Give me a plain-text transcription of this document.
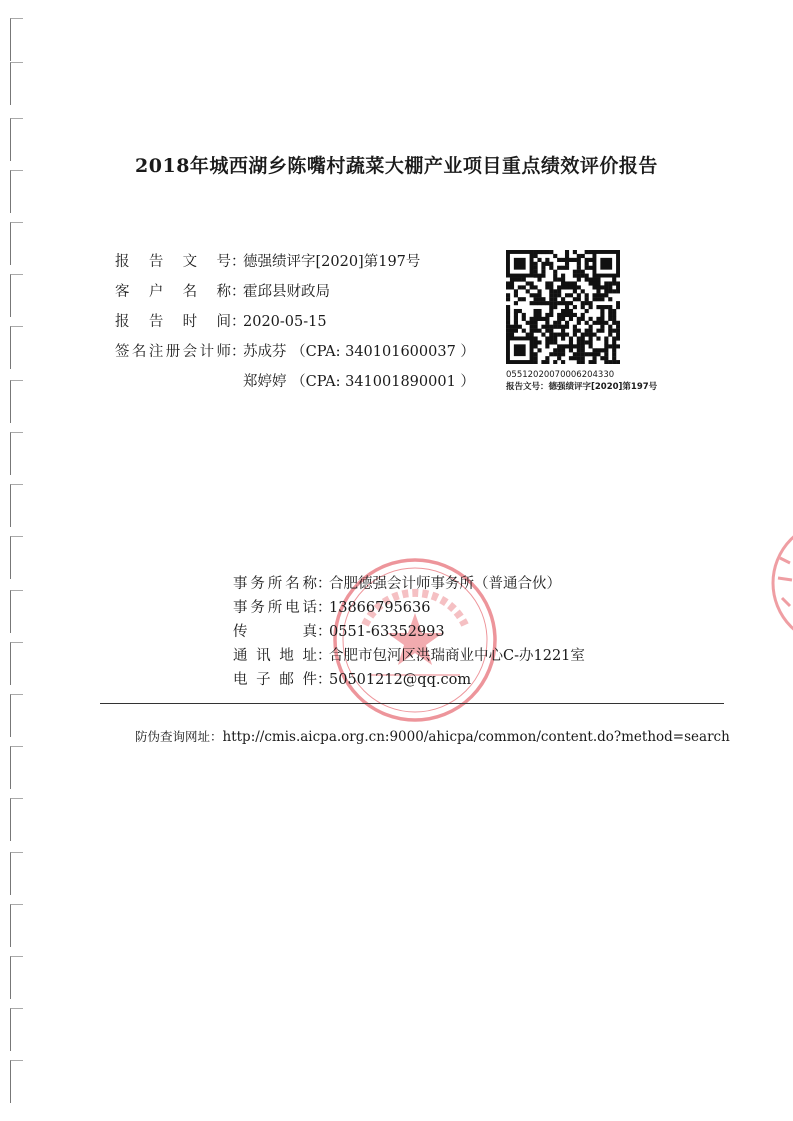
2018年城西湖乡陈嘴村蔬菜大棚产业项目重点绩效评价报告
报告文号 ：
德强绩评字[2020]第197号
客户名称 ：
霍邱县财政局
报告时间 ：
2020-05-15
签名注册会计师 ：
苏成芬 （CPA: 340101600037 ）
郑婷婷 （CPA: 341001890001 ）	05512020070006204330
报告文号：德强绩评字[2020]第197号
事务所名称 ：
合肥德强会计师事务所（普通合伙）
事务所电话 ：
13866795636
传真 ：
0551-63352993
通讯地址 ：
合肥市包河区洪瑞商业中心C-办1221室
电子邮件 ：
50501212@qq.com
防伪查询网址：http://cmis.aicpa.org.cn:9000/ahicpa/common/content.do?method=search
